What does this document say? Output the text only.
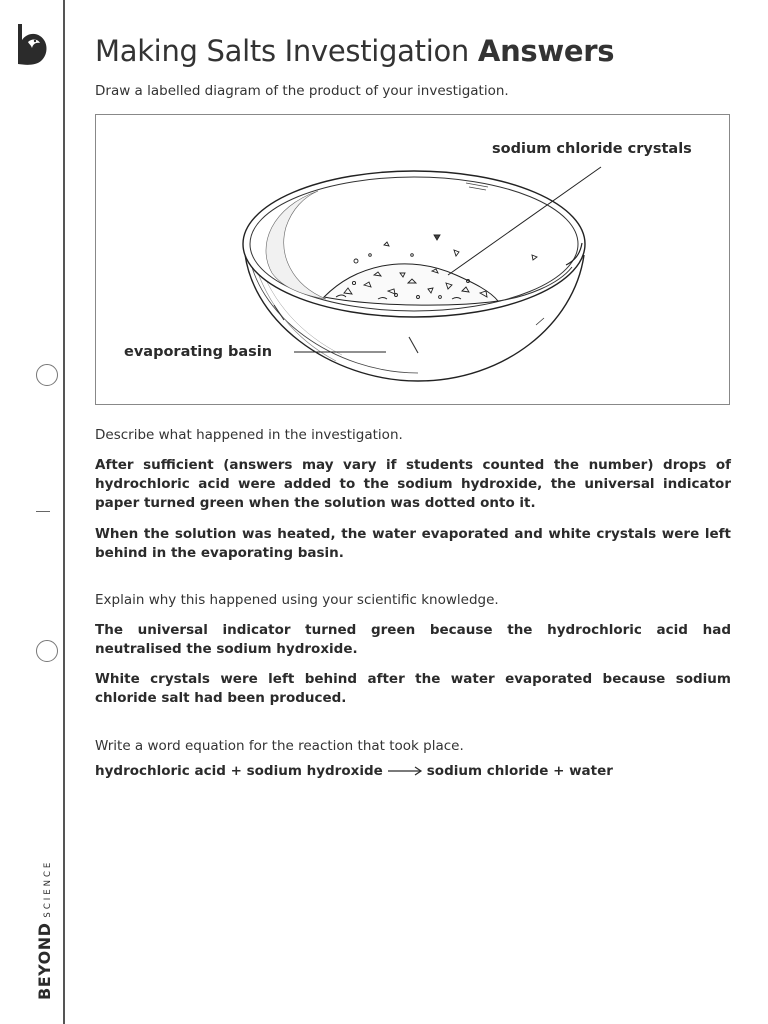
BEYONDSCIENCE
Making Salts Investigation Answers
Draw a labelled diagram of the product of your investigation.
Describe what happened in the investigation.
After sufficient (answers may vary if students counted the number) drops of hydrochloric acid were added to the sodium hydroxide, the universal indicator paper turned green when the solution was dotted onto it.
When the solution was heated, the water evaporated and white crystals were left behind in the evaporating basin.
Explain why this happened using your scientific knowledge.
The universal indicator turned green because the hydrochloric acid had neutralised the sodium hydroxide.
White crystals were left behind after the water evaporated because sodium chloride salt had been produced.
Write a word equation for the reaction that took place.
hydrochloric acid + sodium hydroxide	sodium chloride + water
sodium chloride crystals
evaporating basin
